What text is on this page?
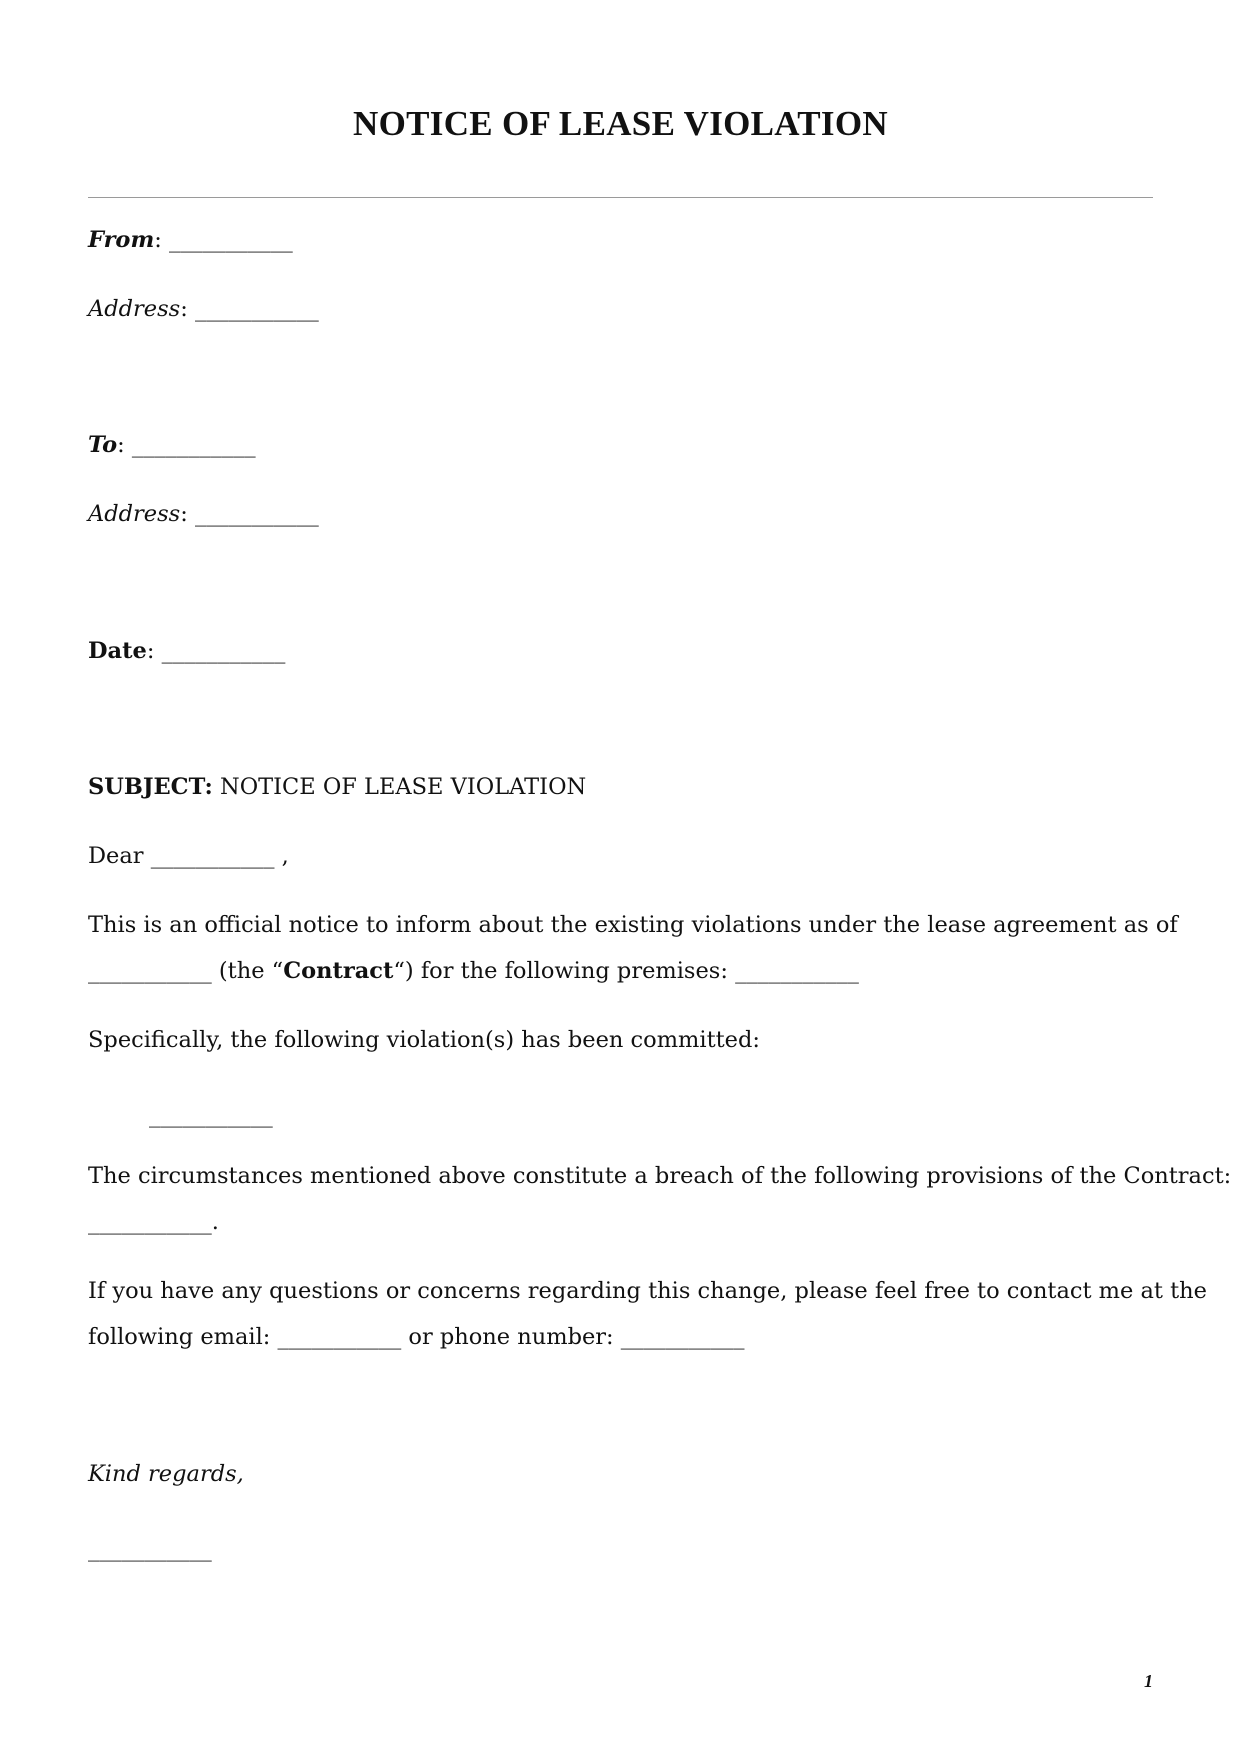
NOTICE OF LEASE VIOLATION
From: ___________
Address: ___________
To: ___________
Address: ___________
Date: ___________
SUBJECT: NOTICE OF LEASE VIOLATION
Dear ___________ ,
This is an official notice to inform about the existing violations under the lease agreement as of
___________ (the “Contract“) for the following premises: ___________
Specifically, the following violation(s) has been committed:
___________
The circumstances mentioned above constitute a breach of the following provisions of the Contract:
___________.
If you have any questions or concerns regarding this change, please feel free to contact me at the
following email: ___________ or phone number: ___________
Kind regards,
___________
1
